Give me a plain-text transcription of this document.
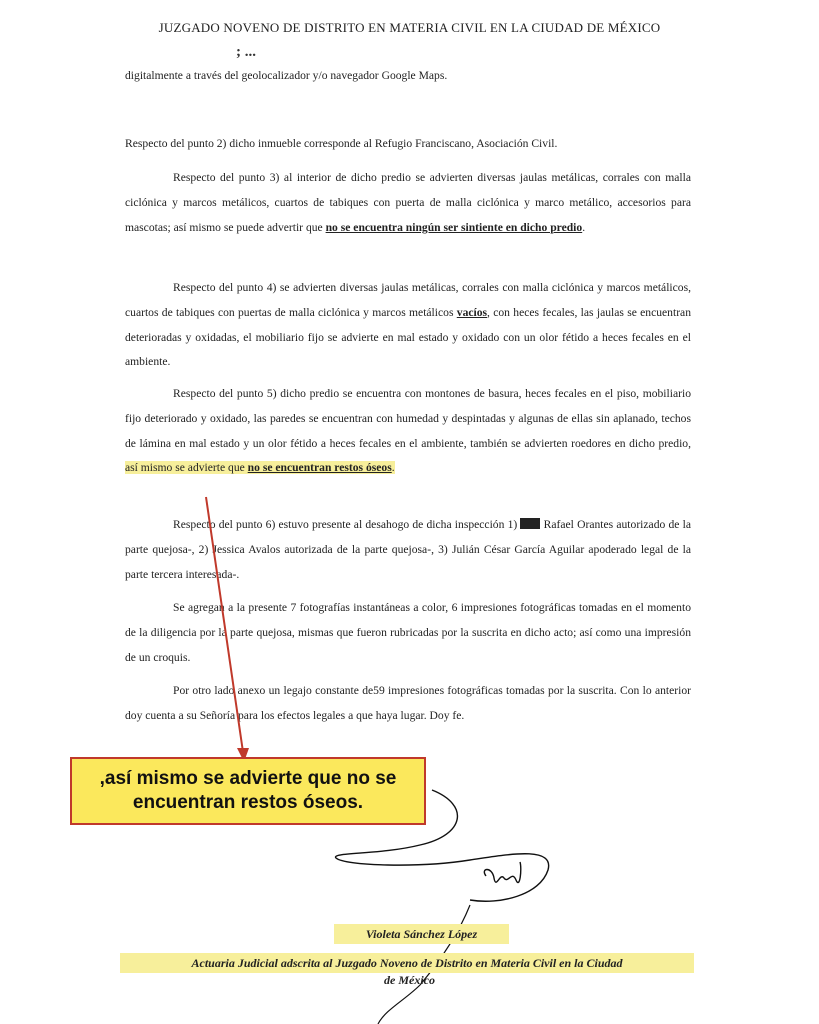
JUZGADO NOVENO DE DISTRITO EN MATERIA CIVIL EN LA CIUDAD DE MÉXICO
; ...
digitalmente a través del geolocalizador y/o navegador Google Maps.
Respecto del punto 2) dicho inmueble corresponde al Refugio Franciscano, Asociación Civil.
Respecto del punto 3) al interior de dicho predio se advierten diversas jaulas metálicas, corrales con malla ciclónica y marcos metálicos, cuartos de tabiques con puerta de malla ciclónica y marco metálico, accesorios para mascotas; así mismo se puede advertir que no se encuentra ningún ser sintiente en dicho predio.
Respecto del punto 4) se advierten diversas jaulas metálicas, corrales con malla ciclónica y marcos metálicos, cuartos de tabiques con puertas de malla ciclónica y marcos metálicos vacíos, con heces fecales, las jaulas se encuentran deterioradas y oxidadas, el mobiliario fijo se advierte en mal estado y oxidado con un olor fétido a heces fecales en el ambiente.
Respecto del punto 5) dicho predio se encuentra con montones de basura, heces fecales en el piso, mobiliario fijo deteriorado y oxidado, las paredes se encuentran con humedad y despintadas y algunas de ellas sin aplanado, techos de lámina en mal estado y un olor fétido a heces fecales en el ambiente, también se advierten roedores en dicho predio, así mismo se advierte que no se encuentran restos óseos.
Respecto del punto 6) estuvo presente al desahogo de dicha inspección 1)  Rafael Orantes autorizado de la parte quejosa-, 2) Jessica Avalos autorizada de la parte quejosa-, 3) Julián César García Aguilar apoderado legal de la parte tercera interesada-.
Se agregan a la presente 7 fotografías instantáneas a color, 6 impresiones fotográficas tomadas en el momento de la diligencia por la parte quejosa, mismas que fueron rubricadas por la suscrita en dicho acto; así como una impresión de un croquis.
Por otro lado anexo un legajo constante de59 impresiones fotográficas tomadas por la suscrita. Con lo anterior doy cuenta a su Señoría para los efectos legales a que haya lugar. Doy fe.
,así mismo se advierte que no se encuentran restos óseos.
Violeta Sánchez López
Actuaria Judicial adscrita al Juzgado Noveno de Distrito en Materia Civil en la Ciudad
de México
